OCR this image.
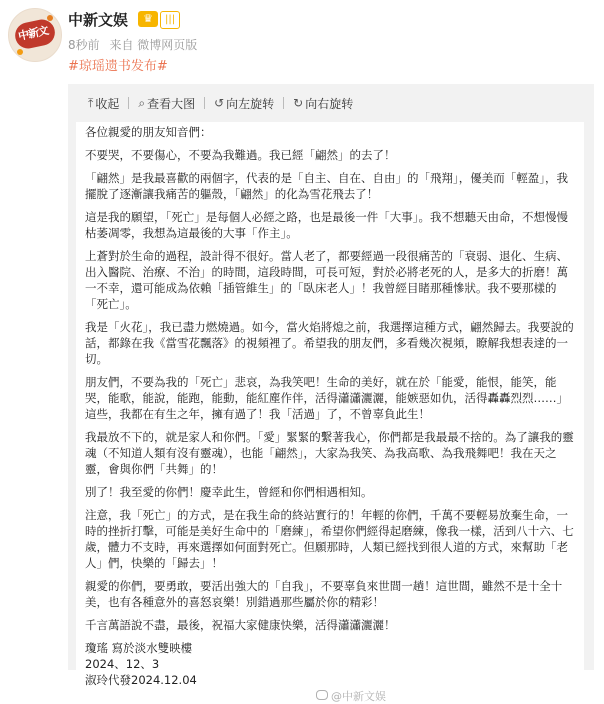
中新文
中新文娱	♛	|||
8秒前 来自 微博网页版
#琼瑶遗书发布#
⤒ 收起 ⌕ 查看大图 ↺ 向左旋转 ↻ 向右旋转

各位親愛的朋友知音們：

不要哭，不要傷心，不要為我難過。我已經「翩然」的去了！

「翩然」是我最喜歡的兩個字，代表的是「自主、自在、自由」的「飛翔」，優美而「輕盈」，我擺脫了逐漸讓我痛苦的軀殼，「翩然」的化為雪花飛去了！

這是我的願望，「死亡」是每個人必經之路，也是最後一件「大事」。我不想聽天由命，不想慢慢枯萎凋零，我想為這最後的大事「作主」。

上蒼對於生命的過程，設計得不很好。當人老了，都要經過一段很痛苦的「衰弱、退化、生病、出入醫院、治療、不治」的時間，這段時間，可長可短，對於必將老死的人，是多大的折磨！萬一不幸，還可能成為依賴「插管維生」的「臥床老人」！我曾經目睹那種慘狀。我不要那樣的「死亡」。

我是「火花」，我已盡力燃燒過。如今，當火焰將熄之前，我選擇這種方式，翩然歸去。我要說的話，都錄在我《當雪花飄落》的視頻裡了。希望我的朋友們，多看幾次視頻，瞭解我想表達的一切。

朋友們，不要為我的「死亡」悲哀，為我笑吧！生命的美好，就在於「能愛，能恨，能笑，能哭，能歌，能說，能跑，能動，能紅塵作伴，活得瀟瀟灑灑，能嫉惡如仇，活得轟轟烈烈……」這些，我都在有生之年，擁有過了！我「活過」了，不曾辜負此生！

我最放不下的，就是家人和你們。「愛」緊緊的繫著我心，你們都是我最最不捨的。為了讓我的靈魂（不知道人類有沒有靈魂），也能「翩然」，大家為我笑、為我高歌、為我飛舞吧！我在天之靈，會與你們「共舞」的！

別了！我至愛的你們！慶幸此生，曾經和你們相遇相知。

注意，我「死亡」的方式，是在我生命的終站實行的！年輕的你們，千萬不要輕易放棄生命，一時的挫折打擊，可能是美好生命中的「磨練」，希望你們經得起磨練，像我一樣，活到八十六、七歲，體力不支時，再來選擇如何面對死亡。但願那時，人類已經找到很人道的方式，來幫助「老人」們，快樂的「歸去」！

親愛的你們，要勇敢，要活出強大的「自我」，不要辜負來世間一趟！這世間，雖然不是十全十美，也有各種意外的喜怒哀樂！別錯過那些屬於你的精彩！

千言萬語說不盡，最後，祝福大家健康快樂，活得瀟瀟灑灑！

瓊瑤 寫於淡水雙映樓

2024、12、3

淑玲代發2024.12.04

@中新文娱
